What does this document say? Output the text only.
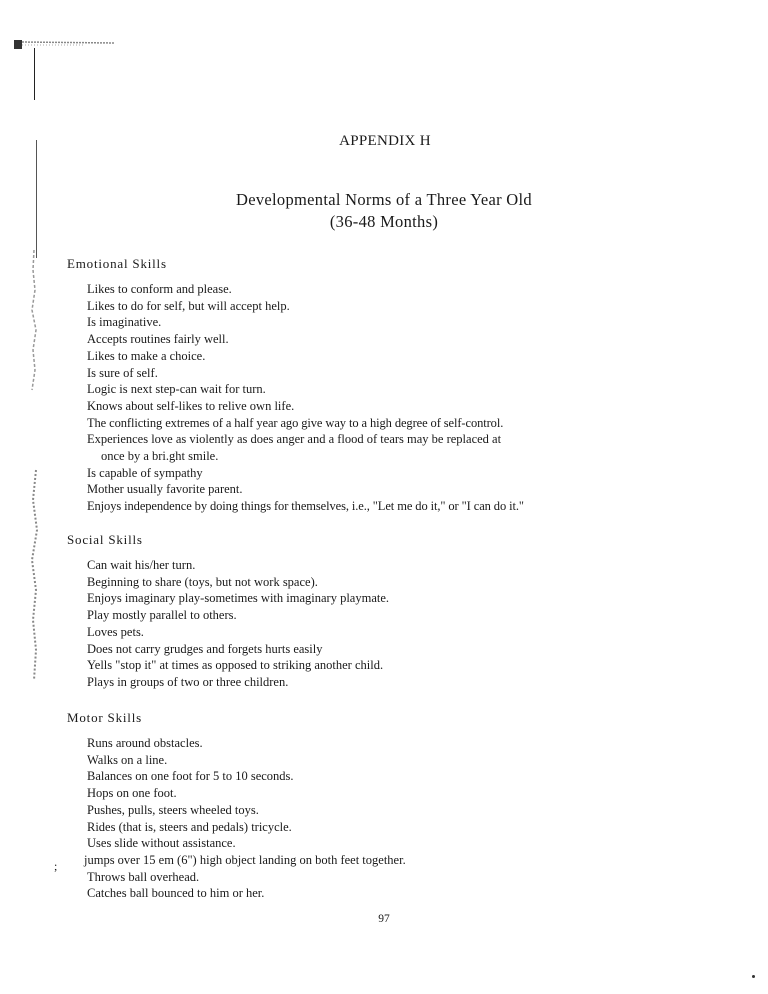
APPENDIX H
Developmental Norms of a Three Year Old
(36-48 Months)
Emotional Skills
Likes to conform and please.
Likes to do for self, but will accept help.
Is imaginative.
Accepts routines fairly well.
Likes to make a choice.
Is sure of self.
Logic is next step-can wait for turn.
Knows about self-likes to relive own life.
The conflicting extremes of a half year ago give way to a high degree of self-control.
Experiences love as violently as does anger and a flood of tears may be replaced at
once by a bri.ght smile.
Is capable of sympathy
Mother usually favorite parent.
Enjoys independence by doing things for themselves, i.e., "Let me do it," or "I can do it."
Social Skills
Can wait his/her turn.
Beginning to share (toys, but not work space).
Enjoys imaginary play-sometimes with imaginary playmate.
Play mostly parallel to others.
Loves pets.
Does not carry grudges and forgets hurts easily
Yells "stop it" at times as opposed to striking another child.
Plays in groups of two or three children.
Motor Skills
Runs around obstacles.
Walks on a line.
Balances on one foot for 5 to 10 seconds.
Hops on one foot.
Pushes, pulls, steers wheeled toys.
Rides (that is, steers and pedals) tricycle.
Uses slide without assistance.
jumps over 15 em (6") high object landing on both feet together.
Throws ball overhead.
Catches ball bounced to him or her.
;
97
